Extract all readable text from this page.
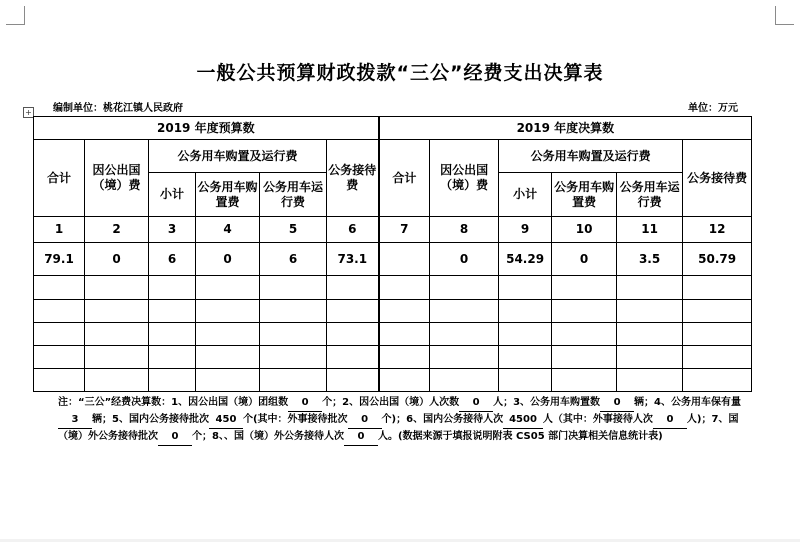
一般公共预算财政拨款“三公”经费支出决算表
+ 编制单位：桃花江镇人民政府	单位：万元
2019 年度预算数						2019 年度决算数					
合计	因公出国（境）费	公务用车购置及运行费			公务接待费	合计	因公出国（境）费	公务用车购置及运行费			公务接待费
		小计	公务用车购置费	公务用车运行费				小计	公务用车购置费	公务用车运行费	
1	2	3	4	5	6	7	8	9	10	11	12
79.1	0	6	0	6	73.1		0	54.29	0	3.5	50.79

注：“三公”经费决算数：1、因公出国（境）团组数 0 个；2、因公出国（境）人次数 0 人；3、公务用车购置数 0 辆；4、公务用车保有量3 辆；5、国内公务接待批次 450 个(其中：外事接待批次 0 个)；6、国内公务接待人次 4500 人（其中：外事接待人次 0 人)；7、国（境）外公务接待批次 0 个；8、、国（境）外公务接待人次 0 人。(数据来源于填报说明附表 CS05 部门决算相关信息统计表)
